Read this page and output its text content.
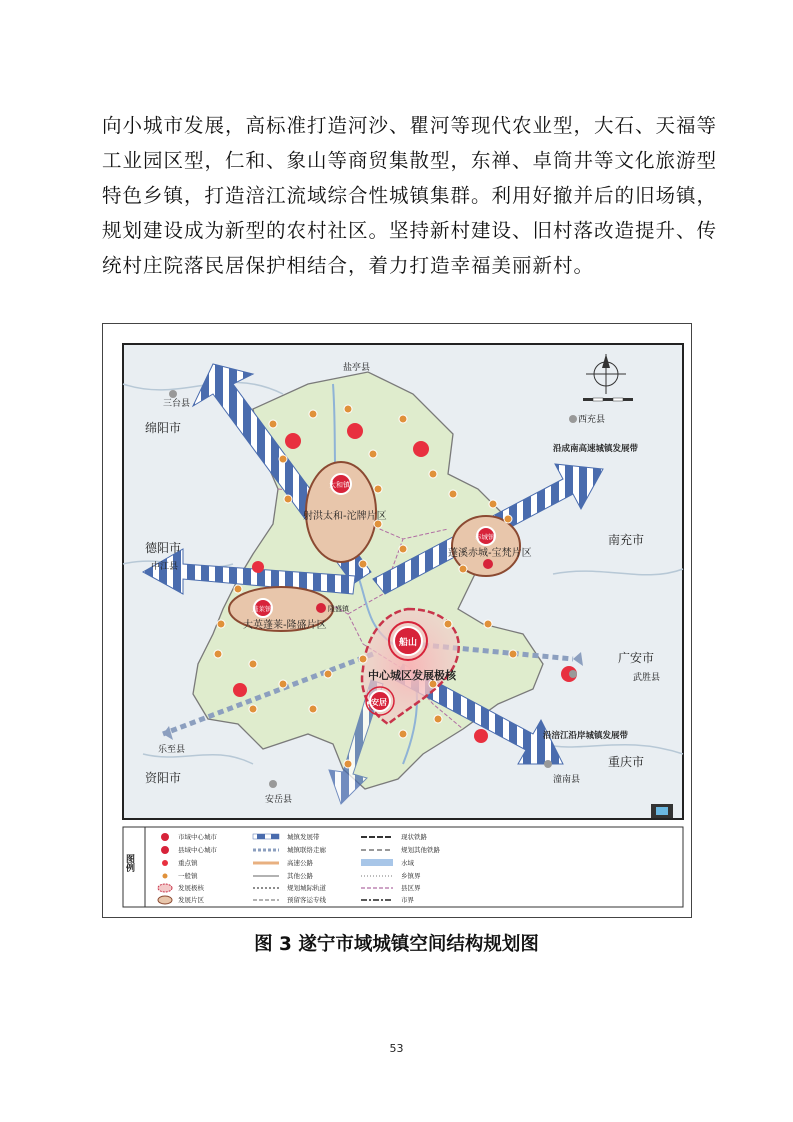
向小城市发展，高标准打造河沙、瞿河等现代农业型，大石、天福等
工业园区型，仁和、象山等商贸集散型，东禅、卓筒井等文化旅游型
特色乡镇，打造涪江流域综合性城镇集群。利用好撤并后的旧场镇，
规划建设成为新型的农村社区。坚持新村建设、旧村落改造提升、传
统村庄院落民居保护相结合，着力打造幸福美丽新村。
绵阳市
德阳市
中江县
资阳市
乐至县
安岳县
南充市
广安市
武胜县
重庆市
潼南县
盐亭县
三台县
西充县
沿成南高速城镇发展带
沿涪江沿岸城镇发展带
射洪太和-沱牌片区
大英蓬莱-隆盛片区
蓬溪赤城-宝梵片区
中心城区发展极核
船山
安居
太和镇
赤城镇
蓬莱镇	隆盛镇
图例
市域中心城市
县域中心城市
重点镇
一般镇
发展极核
发展片区
城镇发展带
城镇联络走廊
高速公路
其他公路
规划城际轨道
预留客运专线
现状铁路
规划其他铁路
水域
乡镇界
县区界
市界

图 3 遂宁市域城镇空间结构规划图

53
